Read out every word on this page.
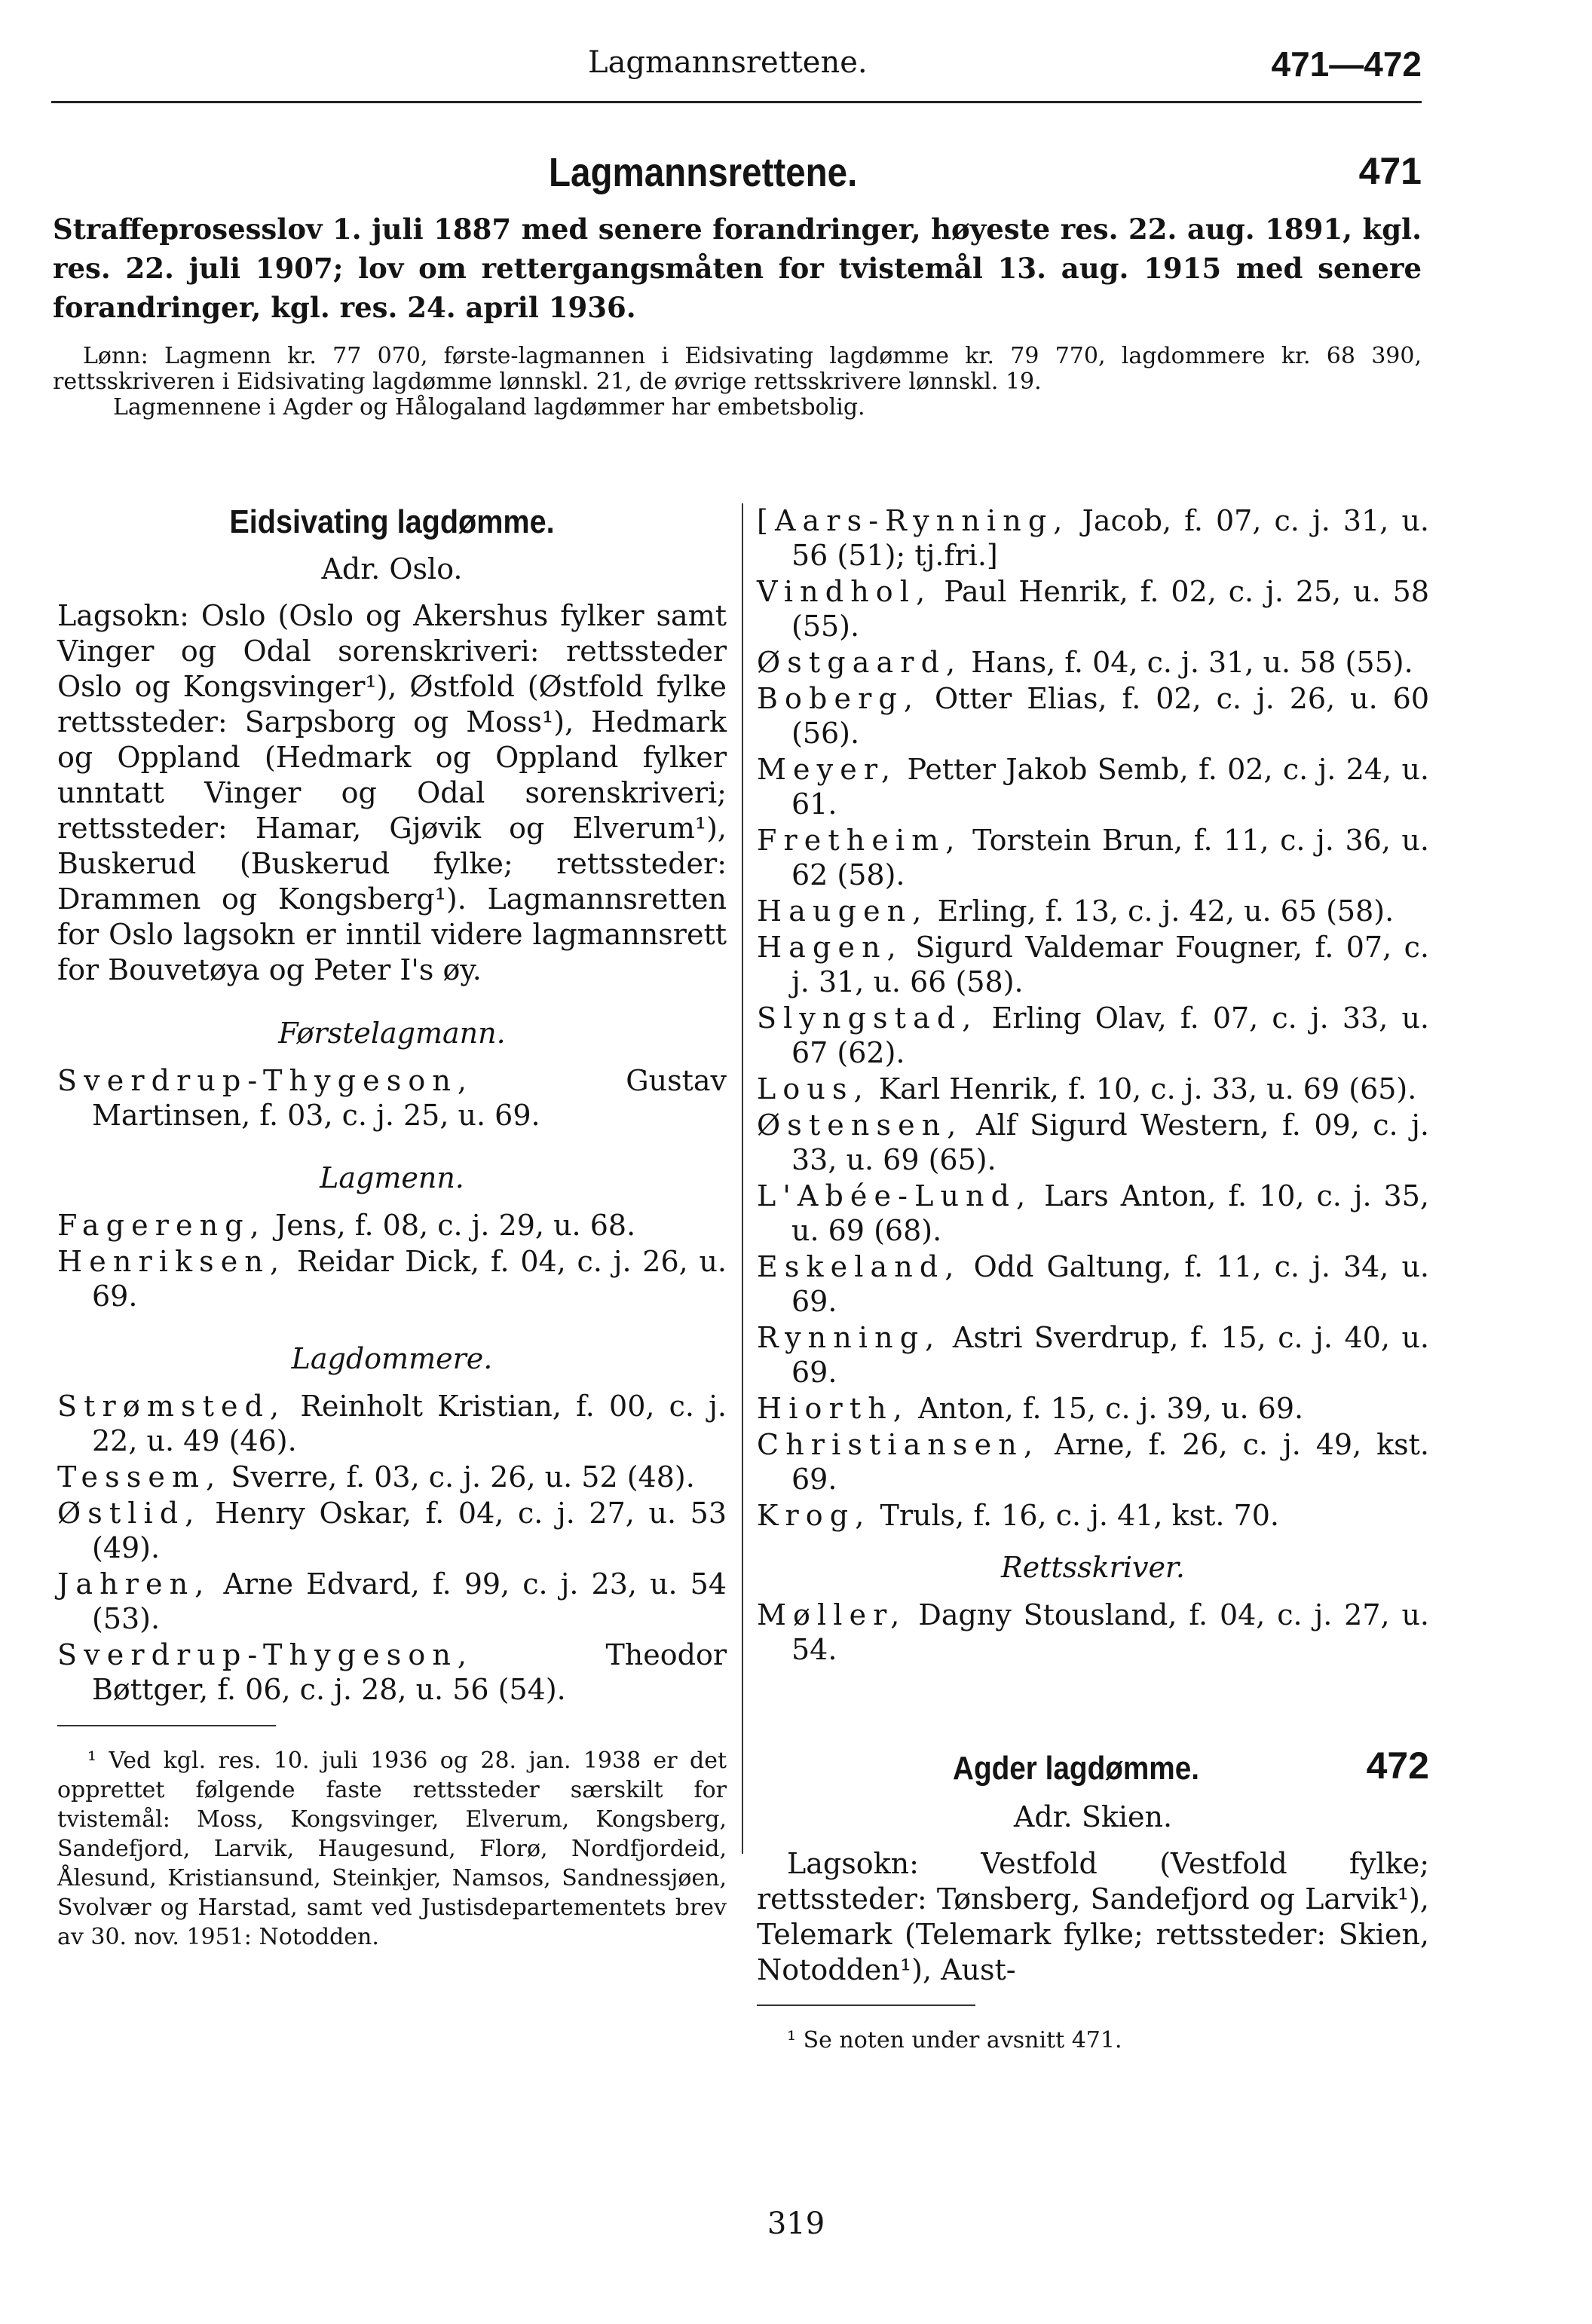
Lagmannsrettene.	471—472
Lagmannsrettene.	471
Straffeprosesslov 1. juli 1887 med senere forandringer, høyeste res. 22. aug. 1891, kgl. res. 22. juli 1907; lov om rettergangsmåten for tvistemål 13. aug. 1915 med senere forandringer, kgl. res. 24. april 1936.
Lønn: Lagmenn kr. 77 070, første-lagmannen i Eidsivating lagdømme kr. 79 770, lagdommere kr. 68 390, rettsskriveren i Eidsivating lagdømme lønnskl. 21, de øvrige rettsskrivere lønnskl. 19.
Lagmennene i Agder og Hålogaland lagdømmer har embetsbolig.
Eidsivating lagdømme.
Adr. Oslo.

Lagsokn: Oslo (Oslo og Akershus fylker samt Vinger og Odal sorenskriveri: rettssteder Oslo og Kongsvinger¹), Østfold (Østfold fylke rettssteder: Sarpsborg og Moss¹), Hedmark og Oppland (Hedmark og Oppland fylker unntatt Vinger og Odal sorenskriveri; rettssteder: Hamar, Gjøvik og Elverum¹), Buskerud (Buskerud fylke; rettssteder: Drammen og Kongsberg¹). Lagmannsretten for Oslo lagsokn er inntil videre lagmannsrett for Bouvetøya og Peter I's øy.

Førstelagmann.

Sverdrup-Thygeson, Gustav Martinsen, f. 03, c. j. 25, u. 69.

Lagmenn.

Fagereng, Jens, f. 08, c. j. 29, u. 68.

Henriksen, Reidar Dick, f. 04, c. j. 26, u. 69.

Lagdommere.

Strømsted, Reinholt Kristian, f. 00, c. j. 22, u. 49 (46).

Tessem, Sverre, f. 03, c. j. 26, u. 52 (48).

Østlid, Henry Oskar, f. 04, c. j. 27, u. 53 (49).

Jahren, Arne Edvard, f. 99, c. j. 23, u. 54 (53).

Sverdrup-Thygeson, Theodor Bøttger, f. 06, c. j. 28, u. 56 (54).

¹ Ved kgl. res. 10. juli 1936 og 28. jan. 1938 er det opprettet følgende faste rettssteder særskilt for tvistemål: Moss, Kongsvinger, Elverum, Kongsberg, Sandefjord, Larvik, Haugesund, Florø, Nordfjordeid, Ålesund, Kristiansund, Steinkjer, Namsos, Sandnessjøen, Svolvær og Harstad, samt ved Justisdepartementets brev av 30. nov. 1951: Notodden.

[Aars-Rynning, Jacob, f. 07, c. j. 31, u. 56 (51); tj.fri.]

Vindhol, Paul Henrik, f. 02, c. j. 25, u. 58 (55).

Østgaard, Hans, f. 04, c. j. 31, u. 58 (55).

Boberg, Otter Elias, f. 02, c. j. 26, u. 60 (56).

Meyer, Petter Jakob Semb, f. 02, c. j. 24, u. 61.

Fretheim, Torstein Brun, f. 11, c. j. 36, u. 62 (58).

Haugen, Erling, f. 13, c. j. 42, u. 65 (58).

Hagen, Sigurd Valdemar Fougner, f. 07, c. j. 31, u. 66 (58).

Slyngstad, Erling Olav, f. 07, c. j. 33, u. 67 (62).

Lous, Karl Henrik, f. 10, c. j. 33, u. 69 (65).

Østensen, Alf Sigurd Western, f. 09, c. j. 33, u. 69 (65).

L'Abée-Lund, Lars Anton, f. 10, c. j. 35, u. 69 (68).

Eskeland, Odd Galtung, f. 11, c. j. 34, u. 69.

Rynning, Astri Sverdrup, f. 15, c. j. 40, u. 69.

Hiorth, Anton, f. 15, c. j. 39, u. 69.

Christiansen, Arne, f. 26, c. j. 49, kst. 69.

Krog, Truls, f. 16, c. j. 41, kst. 70.

Rettsskriver.

Møller, Dagny Stousland, f. 04, c. j. 27, u. 54.

Agder lagdømme.	472
Adr. Skien.

Lagsokn: Vestfold (Vestfold fylke; rettssteder: Tønsberg, Sandefjord og Larvik¹), Telemark (Telemark fylke; rettssteder: Skien, Notodden¹), Aust-

¹ Se noten under avsnitt 471.

319
